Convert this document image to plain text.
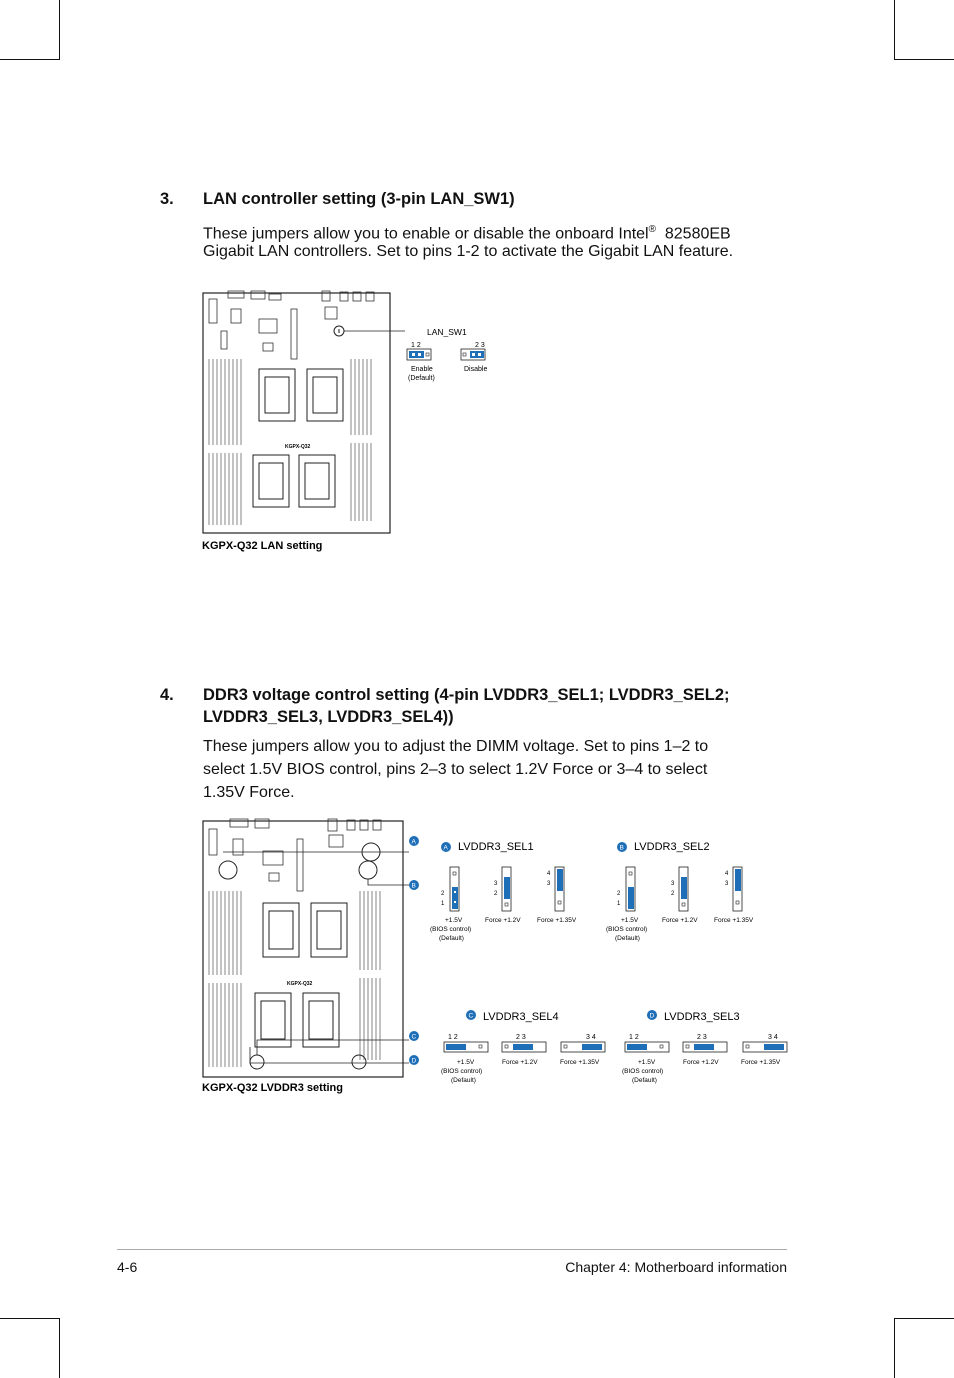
3. LAN controller setting (3-pin LAN_SW1)
These jumpers allow you to enable or disable the onboard Intel® 82580EB
Gigabit LAN controllers. Set to pins 1-2 to activate the Gigabit LAN feature.
KGPX-Q32
LAN_SW1
1 2
Enable
(Default)
2 3
Disable
KGPX-Q32 LAN setting
4. DDR3 voltage control setting (4-pin LVDDR3_SEL1; LVDDR3_SEL2;
LVDDR3_SEL3, LVDDR3_SEL4))
These jumpers allow you to adjust the DIMM voltage. Set to pins 1–2 to
select 1.5V BIOS control, pins 2–3 to select 1.2V Force or 3–4 to select
1.35V Force.
KGPX-Q32
A
B
C
D
A LVDDR3_SEL1
2
1
+1.5V
(BIOS control)
(Default)
3
2
Force +1.2V
4
3
Force +1.35V
B LVDDR3_SEL2
2
1
+1.5V
(BIOS control)
(Default)
3
2
Force +1.2V
4
3
Force +1.35V
C LVDDR3_SEL4
1 2
+1.5V
(BIOS control)
(Default)
2 3
Force +1.2V
3 4
Force +1.35V
D LVDDR3_SEL3
1 2
+1.5V
(BIOS control)
(Default)
2 3
Force +1.2V
3 4
Force +1.35V
KGPX-Q32 LVDDR3 setting
4-6	Chapter 4: Motherboard information
